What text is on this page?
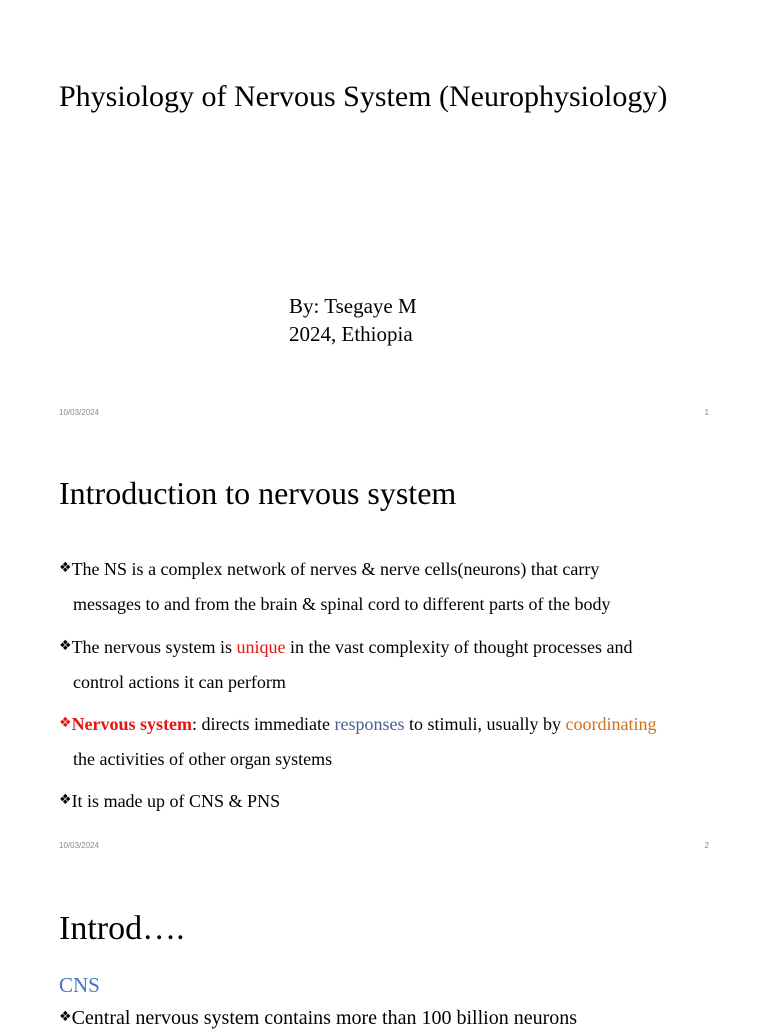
Physiology of Nervous System (Neurophysiology)
By: Tsegaye M
2024, Ethiopia
10/03/2024	1
Introduction to nervous system
❖The NS is a complex network of nerves & nerve cells(neurons) that carry
messages to and from the brain & spinal cord to different parts of the body
❖The nervous system is unique in the vast complexity of thought processes and
control actions it can perform
❖Nervous system: directs immediate responses to stimuli, usually by coordinating
the activities of other organ systems
❖It is made up of CNS & PNS
10/03/2024	2
Introd….
CNS
❖Central nervous system contains more than 100 billion neurons
